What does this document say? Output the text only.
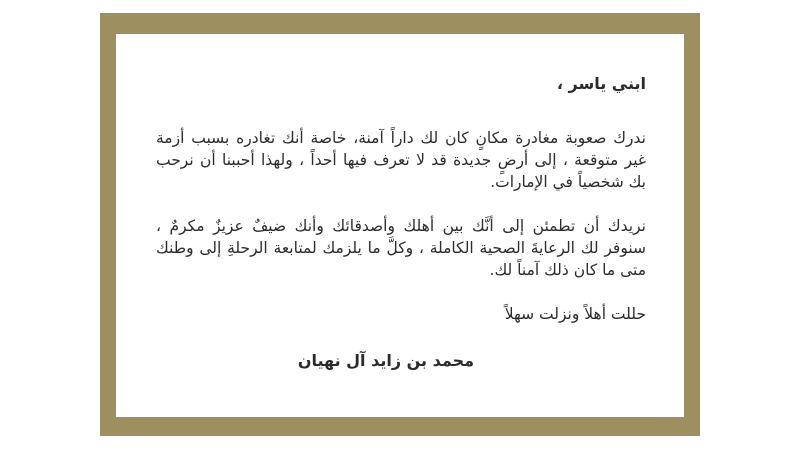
ابني ياسر ،

ندرك صعوبة مغادرة مكانٍ كان لك داراً آمنة، خاصة أنك تغادره بسبب أزمة غير متوقعة ، إلى أرضٍ جديدة قد لا تعرف فيها أحداً ، ولهذا أحببنا أن نرحب بك شخصياً في الإمارات.

نريدك أن تطمئن إلى أنَّك بين أهلك وأصدقائك وأنك ضيفٌ عزيزٌ مكرمٌ ، سنوفر لك الرعايةَ الصحية الكاملة ، وكلَّ ما يلزمك لمتابعة الرحلةِ إلى وطنك متى ما كان ذلك آمناً لك.

حللت أهلاً ونزلت سهلاً

محمد بن زايد آل نهيان
